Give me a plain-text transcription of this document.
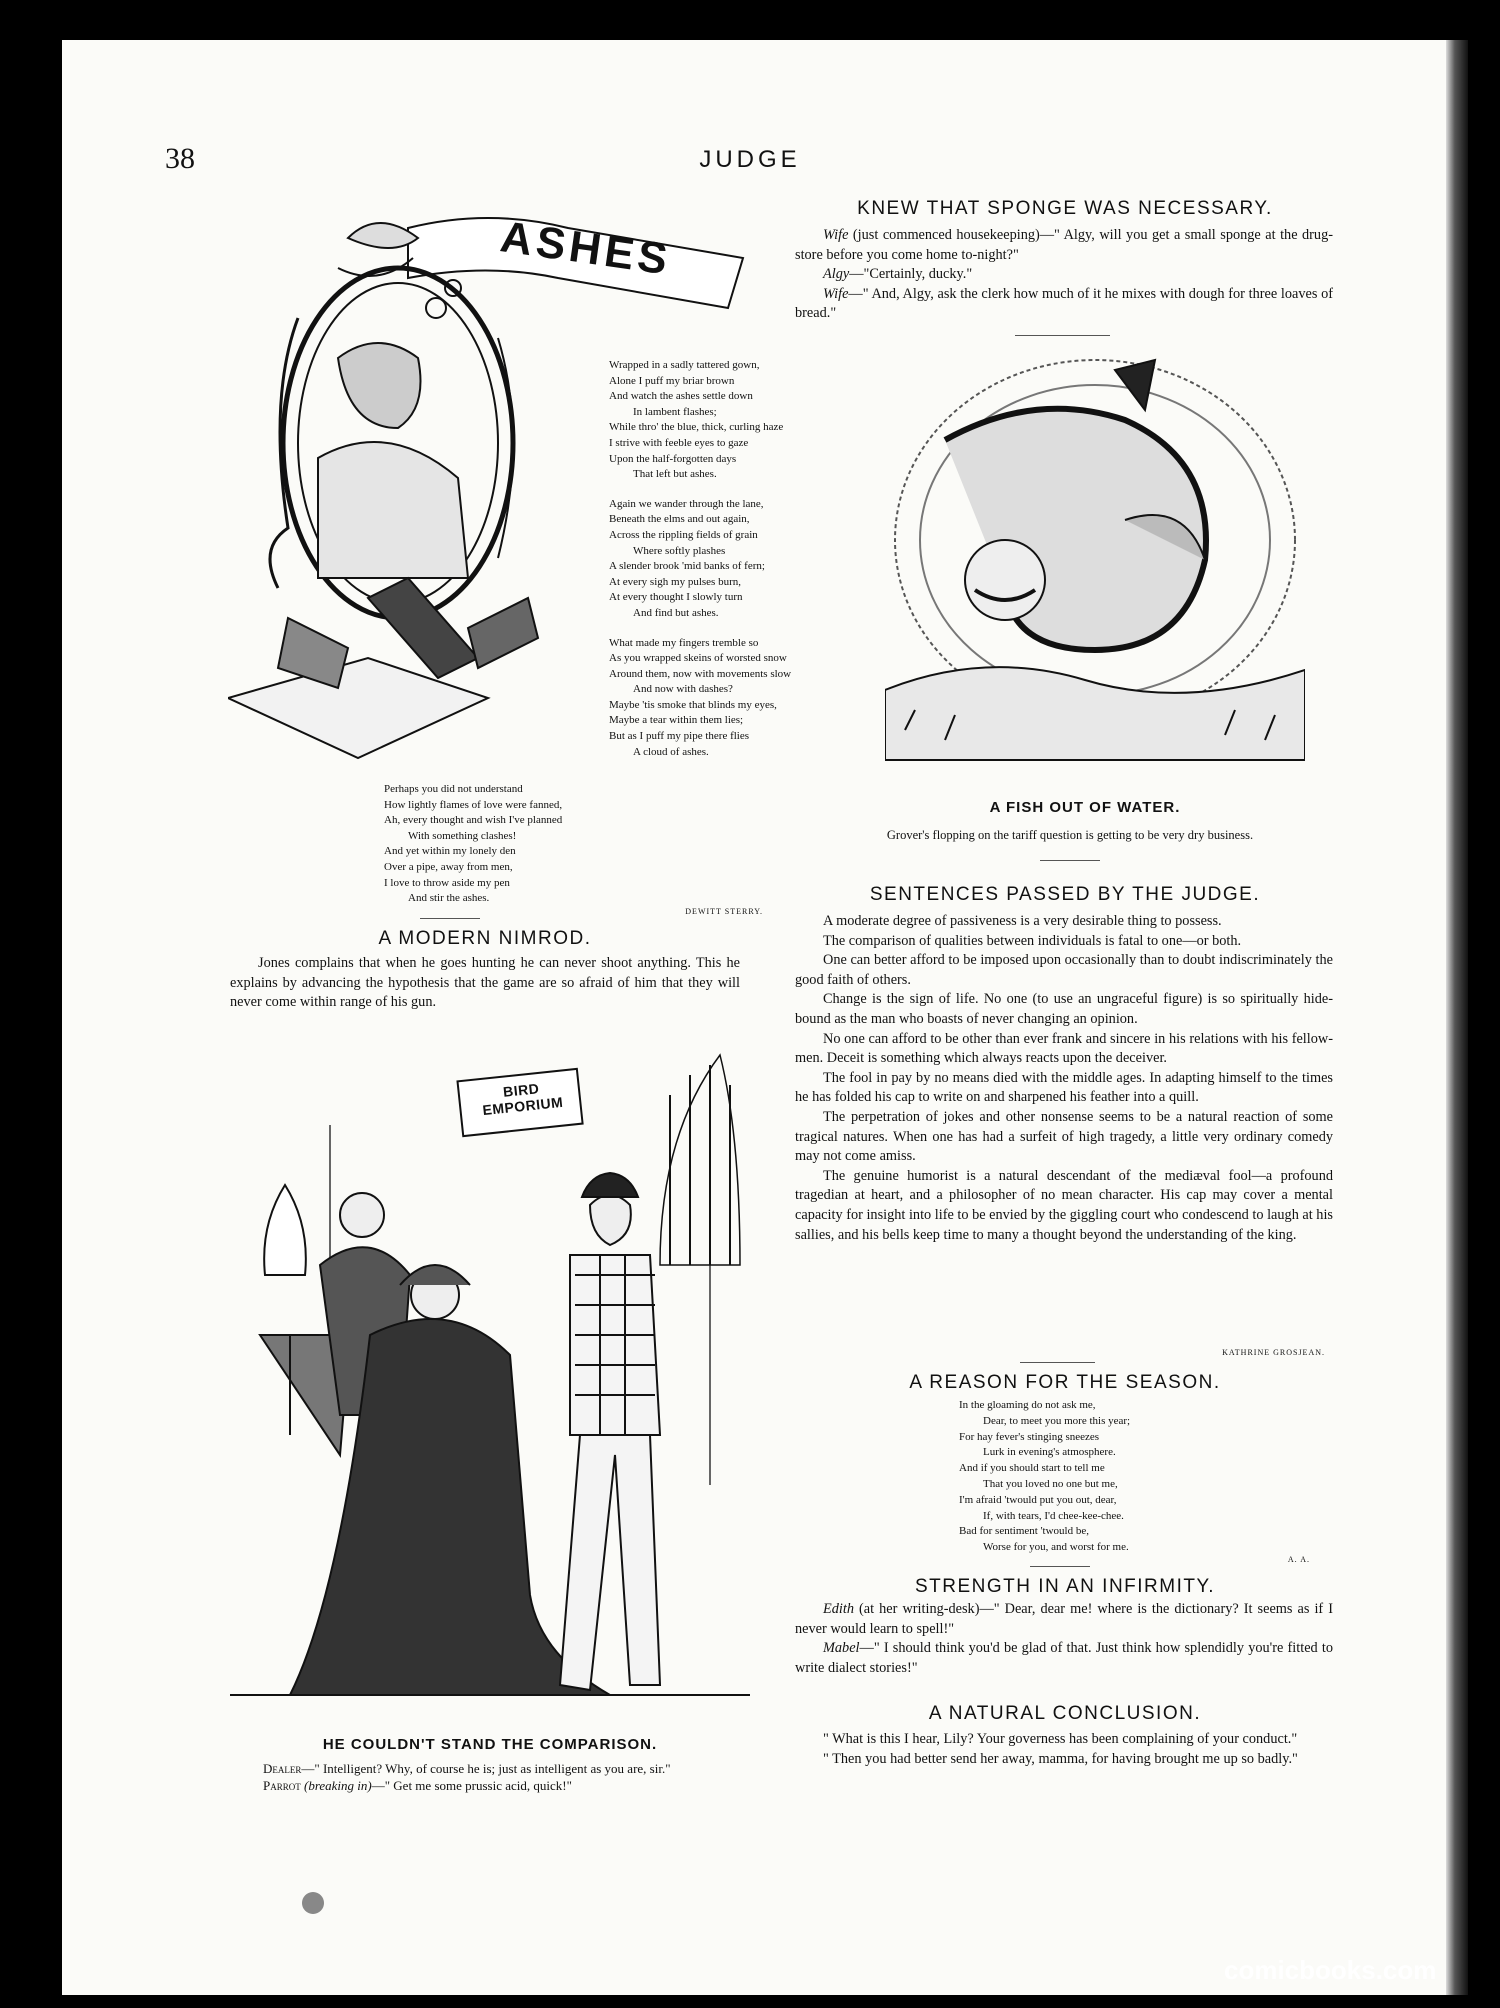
38	JUDGE
ASHES
Wrapped in a sadly tattered gown,
Alone I puff my briar brown
And watch the ashes settle down
In lambent flashes;
While thro' the blue, thick, curling haze
I strive with feeble eyes to gaze
Upon the half-forgotten days
That left but ashes.
Again we wander through the lane,
Beneath the elms and out again,
Across the rippling fields of grain
Where softly plashes
A slender brook 'mid banks of fern;
At every sigh my pulses burn,
At every thought I slowly turn
And find but ashes.
What made my fingers tremble so
As you wrapped skeins of worsted snow
Around them, now with movements slow
And now with dashes?
Maybe 'tis smoke that blinds my eyes,
Maybe a tear within them lies;
But as I puff my pipe there flies
A cloud of ashes.
Perhaps you did not understand
How lightly flames of love were fanned,
Ah, every thought and wish I've planned
With something clashes!
And yet within my lonely den
Over a pipe, away from men,
I love to throw aside my pen
And stir the ashes.
DEWITT STERRY.
KNEW THAT SPONGE WAS NECESSARY.

Wife (just commenced housekeeping)—" Algy, will you get a small sponge at the drug-store before you come home to-night?"

Algy—"Certainly, ducky."

Wife—" And, Algy, ask the clerk how much of it he mixes with dough for three loaves of bread."

A FISH OUT OF WATER.
Grover's flopping on the tariff question is getting to be very dry business.
A MODERN NIMROD.

Jones complains that when he goes hunting he can never shoot anything. This he explains by advancing the hypothesis that the game are so afraid of him that they will never come within range of his gun.

BIRD EMPORIUM
HE COULDN'T STAND THE COMPARISON.

Dealer—" Intelligent? Why, of course he is; just as intelligent as you are, sir."

Parrot (breaking in)—" Get me some prussic acid, quick!"

SENTENCES PASSED BY THE JUDGE.

A moderate degree of passiveness is a very desirable thing to possess.

The comparison of qualities between individuals is fatal to one—or both.

One can better afford to be imposed upon occasionally than to doubt indiscriminately the good faith of others.

Change is the sign of life. No one (to use an ungraceful figure) is so spiritually hide-bound as the man who boasts of never changing an opinion.

No one can afford to be other than ever frank and sincere in his relations with his fellow-men. Deceit is something which always reacts upon the deceiver.

The fool in pay by no means died with the middle ages. In adapting himself to the times he has folded his cap to write on and sharpened his feather into a quill.

The perpetration of jokes and other nonsense seems to be a natural reaction of some tragical natures. When one has had a surfeit of high tragedy, a little very ordinary comedy may not come amiss.

The genuine humorist is a natural descendant of the mediæval fool—a profound tragedian at heart, and a philosopher of no mean character. His cap may cover a mental capacity for insight into life to be envied by the giggling court who condescend to laugh at his sallies, and his bells keep time to many a thought beyond the understanding of the king.

KATHRINE GROSJEAN.
A REASON FOR THE SEASON.
In the gloaming do not ask me,
Dear, to meet you more this year;
For hay fever's stinging sneezes
Lurk in evening's atmosphere.
And if you should start to tell me
That you loved no one but me,
I'm afraid 'twould put you out, dear,
If, with tears, I'd chee-kee-chee.
Bad for sentiment 'twould be,
Worse for you, and worst for me.
A. A.
STRENGTH IN AN INFIRMITY.

Edith (at her writing-desk)—" Dear, dear me! where is the dictionary? It seems as if I never would learn to spell!"

Mabel—" I should think you'd be glad of that. Just think how splendidly you're fitted to write dialect stories!"

A NATURAL CONCLUSION.

" What is this I hear, Lily? Your governess has been complaining of your conduct."

" Then you had better send her away, mamma, for having brought me up so badly."

comicbooks.com
